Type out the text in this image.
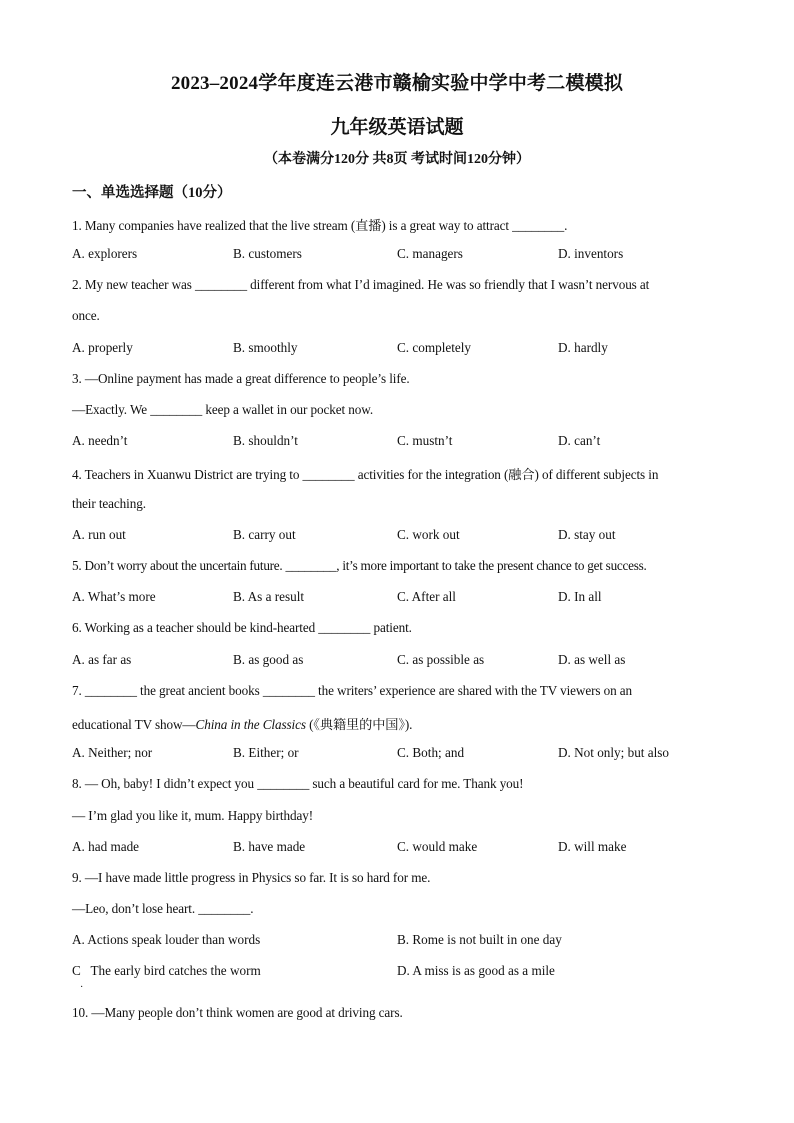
2023–2024学年度连云港市赣榆实验中学中考二模模拟
九年级英语试题
（本卷满分120分 共8页 考试时间120分钟）
一、单选选择题（10分）
1. Many companies have realized that the live stream (直播) is a great way to attract ________.
A. explorers	B. customers	C. managers	D. inventors
2. My new teacher was ________ different from what I’d imagined. He was so friendly that I wasn’t nervous at
once.
A. properly	B. smoothly	C. completely	D. hardly
3. —Online payment has made a great difference to people’s life.
—Exactly. We ________ keep a wallet in our pocket now.
A. needn’t	B. shouldn’t	C. mustn’t	D. can’t
4. Teachers in Xuanwu District are trying to ________ activities for the integration (融合) of different subjects in
their teaching.
A. run out	B. carry out	C. work out	D. stay out
5. Don’t worry about the uncertain future. ________, it’s more important to take the present chance to get success.
A. What’s more	B. As a result	C. After all	D. In all
6. Working as a teacher should be kind-hearted ________ patient.
A. as far as	B. as good as	C. as possible as	D. as well as
7. ________ the great ancient books ________ the writers’ experience are shared with the TV viewers on an
educational TV show—China in the Classics (《典籍里的中国》).
A. Neither; nor	B. Either; or	C. Both; and	D. Not only; but also
8. — Oh, baby! I didn’t expect you ________ such a beautiful card for me. Thank you!
— I’m glad you like it, mum. Happy birthday!
A. had made	B. have made	C. would make	D. will make
9. —I have made little progress in Physics so far. It is so hard for me.
—Leo, don’t lose heart. ________.
A. Actions speak louder than words	B. Rome is not built in one day
C   The early bird catches the worm	D. A miss is as good as a mile
·
10. —Many people don’t think women are good at driving cars.
